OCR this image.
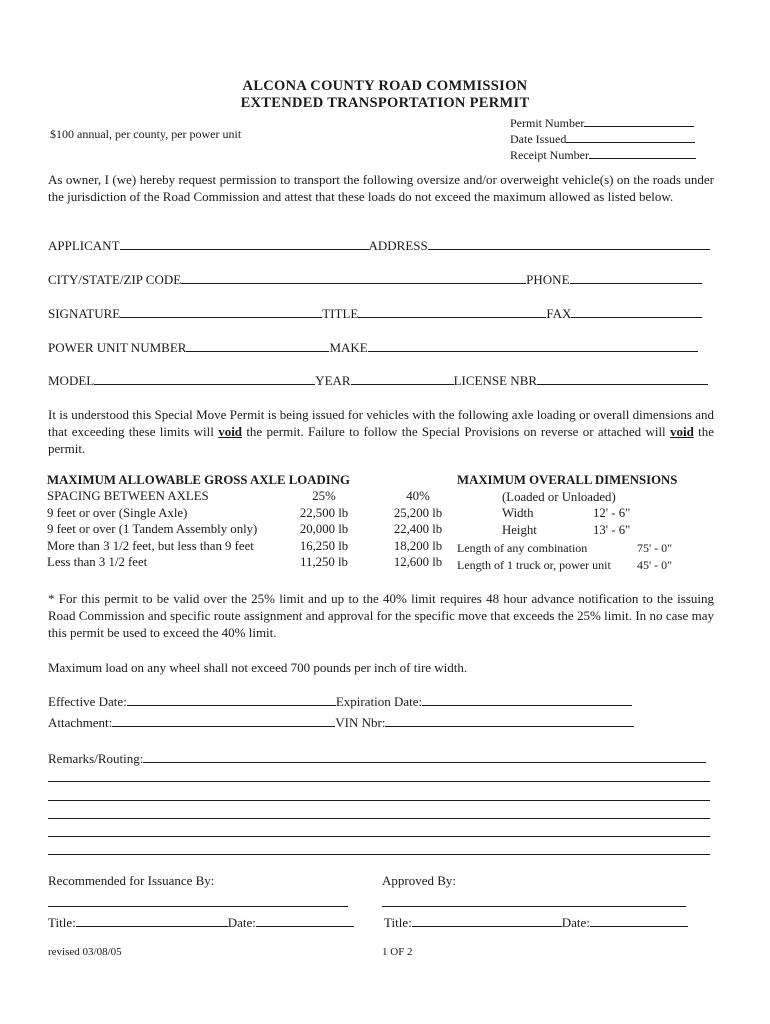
ALCONA COUNTY ROAD COMMISSION
EXTENDED TRANSPORTATION PERMIT
$100 annual, per county, per power unit
Permit Number
Date Issued
Receipt Number
As owner, I (we) hereby request permission to transport the following oversize and/or overweight vehicle(s) on the roads under the jurisdiction of the Road Commission and attest that these loads do not exceed the maximum allowed as listed below.
APPLICANT	ADDRESS
CITY/STATE/ZIP CODE	PHONE
SIGNATURE	TITLE	FAX
POWER UNIT NUMBER	MAKE
MODEL	YEAR	LICENSE NBR
It is understood this Special Move Permit is being issued for vehicles with the following axle loading or overall dimensions and that exceeding these limits will void the permit. Failure to follow the Special Provisions on reverse or attached will void the permit.
MAXIMUM ALLOWABLE GROSS AXLE LOADING		
SPACING BETWEEN AXLES	25%	40%
9 feet or over (Single Axle)	22,500 lb	25,200 lb
9 feet or over (1 Tandem Assembly only)	20,000 lb	22,400 lb
More than 3 1/2 feet, but less than 9 feet	16,250 lb	18,200 lb
Less than 3 1/2 feet	11,250 lb	12,600 lb
MAXIMUM OVERALL DIMENSIONS
(Loaded or Unloaded)
Width	12' - 6"
Height	13' - 6"
Length of any combination	75' - 0"
Length of 1 truck or, power unit 45' - 0"
* For this permit to be valid over the 25% limit and up to the 40% limit requires 48 hour advance notification to the issuing Road Commission and specific route assignment and approval for the specific move that exceeds the 25% limit. In no case may this permit be used to exceed the 40% limit.
Maximum load on any wheel shall not exceed 700 pounds per inch of tire width.
Effective Date:	Expiration Date:
Attachment:	VIN Nbr:
Remarks/Routing:
Recommended for Issuance By:	Approved By:
Title:	Date:	Title:	Date:
revised 03/08/05	1 OF 2
